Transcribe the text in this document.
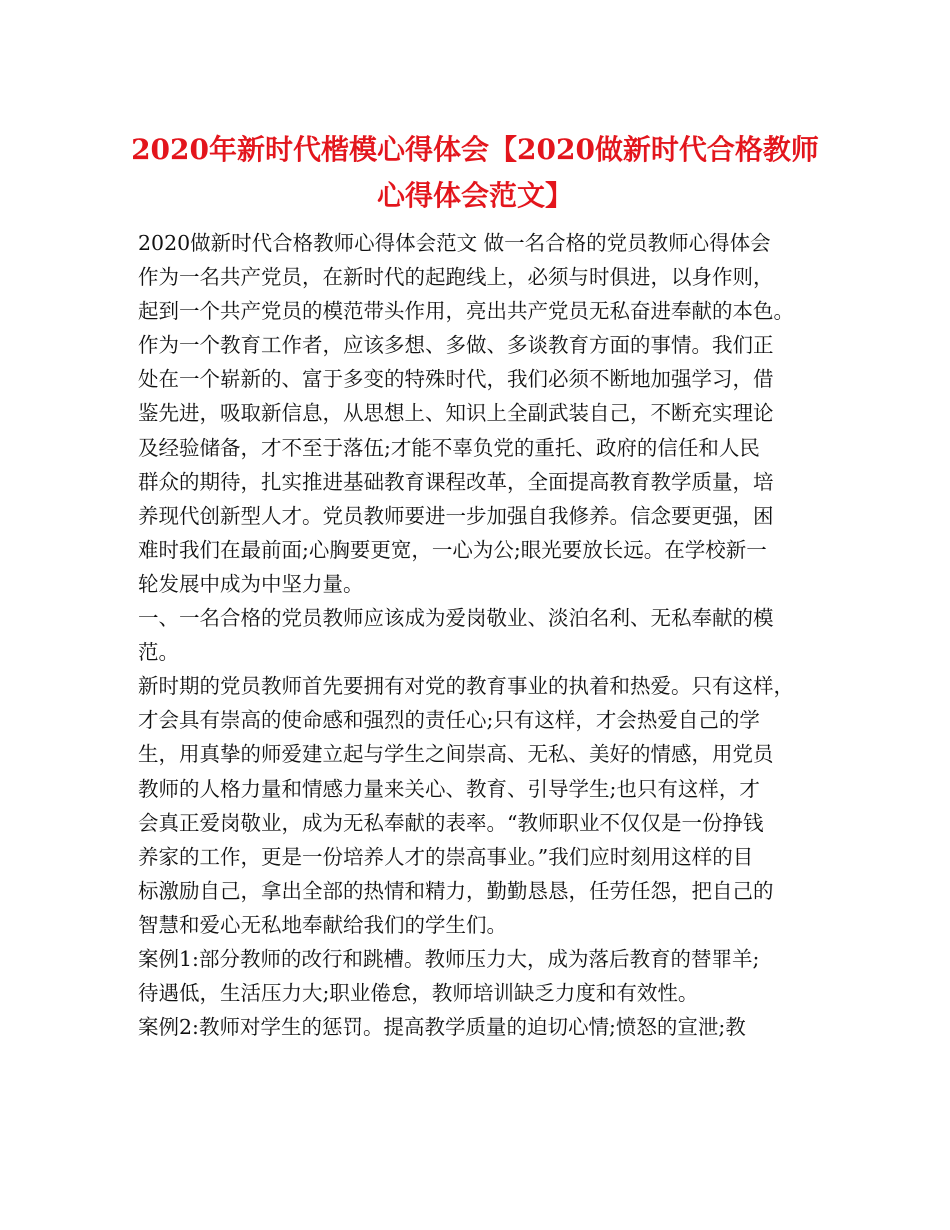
2020年新时代楷模心得体会【2020做新时代合格教师
心得体会范文】
2020做新时代合格教师心得体会范文 做一名合格的党员教师心得体会
作为一名共产党员，在新时代的起跑线上，必须与时俱进，以身作则，
起到一个共产党员的模范带头作用，亮出共产党员无私奋进奉献的本色。
作为一个教育工作者，应该多想、多做、多谈教育方面的事情。我们正
处在一个崭新的、富于多变的特殊时代，我们必须不断地加强学习，借
鉴先进，吸取新信息，从思想上、知识上全副武装自己，不断充实理论
及经验储备，才不至于落伍;才能不辜负党的重托、政府的信任和人民
群众的期待，扎实推进基础教育课程改革，全面提高教育教学质量，培
养现代创新型人才。党员教师要进一步加强自我修养。信念要更强，困
难时我们在最前面;心胸要更宽，一心为公;眼光要放长远。在学校新一
轮发展中成为中坚力量。
一、一名合格的党员教师应该成为爱岗敬业、淡泊名利、无私奉献的模
范。
新时期的党员教师首先要拥有对党的教育事业的执着和热爱。只有这样，
才会具有崇高的使命感和强烈的责任心;只有这样，才会热爱自己的学
生，用真挚的师爱建立起与学生之间崇高、无私、美好的情感，用党员
教师的人格力量和情感力量来关心、教育、引导学生;也只有这样，才
会真正爱岗敬业，成为无私奉献的表率。“教师职业不仅仅是一份挣钱
养家的工作，更是一份培养人才的崇高事业。”我们应时刻用这样的目
标激励自己，拿出全部的热情和精力，勤勤恳恳，任劳任怨，把自己的
智慧和爱心无私地奉献给我们的学生们。
案例1:部分教师的改行和跳槽。教师压力大，成为落后教育的替罪羊;
待遇低，生活压力大;职业倦怠，教师培训缺乏力度和有效性。
案例2:教师对学生的惩罚。提高教学质量的迫切心情;愤怒的宣泄;教
